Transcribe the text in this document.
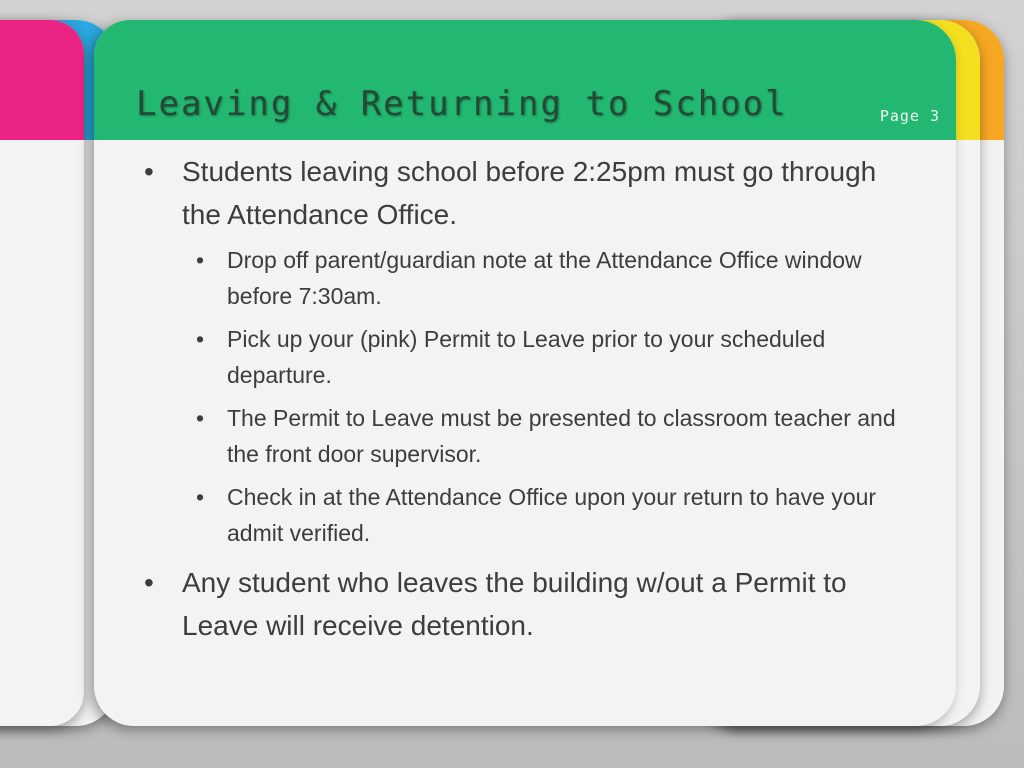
Leaving & Returning to School	Page 3
• Students leaving school before 2:25pm must go through the Attendance Office.
• Drop off parent/guardian note at the Attendance Office window before 7:30am.
• Pick up your (pink) Permit to Leave prior to your scheduled departure.
• The Permit to Leave must be presented to classroom teacher and the front door supervisor.
• Check in at the Attendance Office upon your return to have your admit verified.
• Any student who leaves the building w/out a Permit to Leave will receive detention.
